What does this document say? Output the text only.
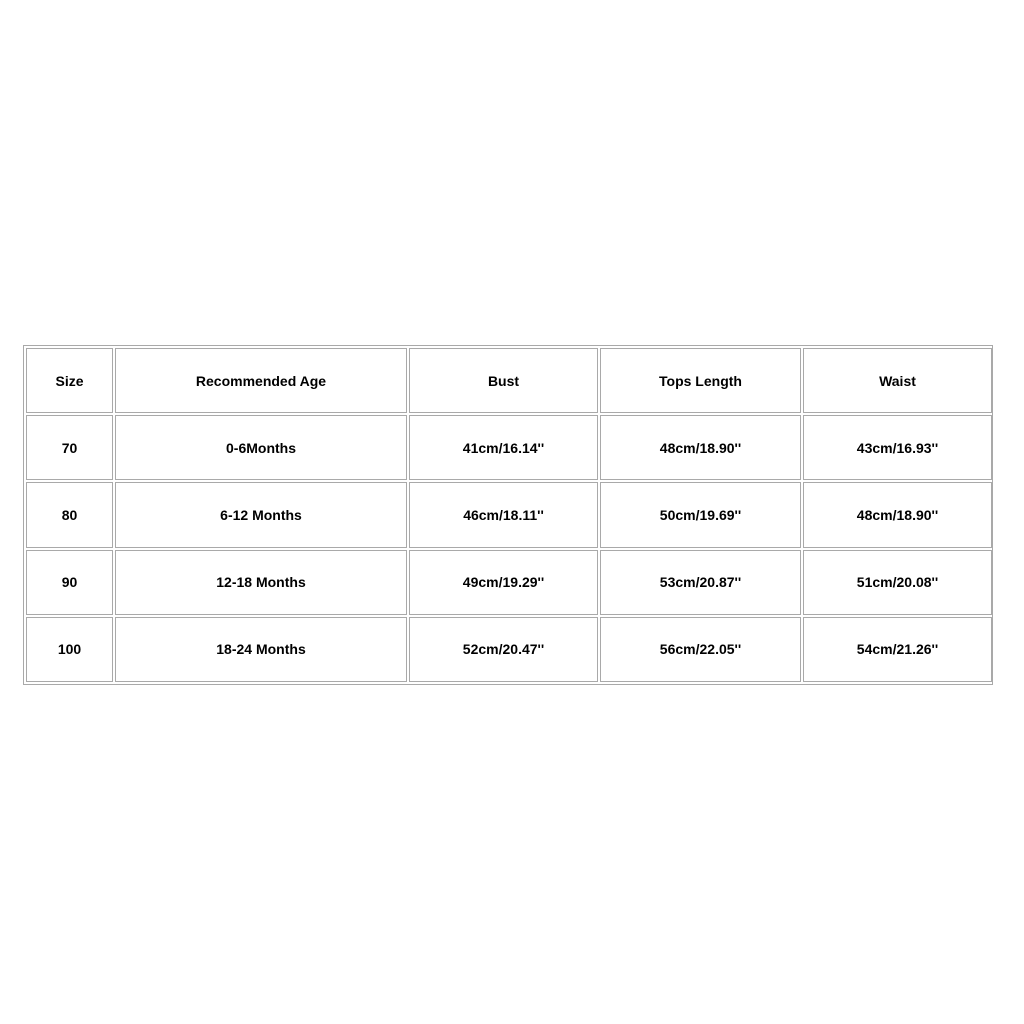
Size	Recommended Age	Bust	Tops Length	Waist
70	0-6Months	41cm/16.14''	48cm/18.90''	43cm/16.93''
80	6-12 Months	46cm/18.11''	50cm/19.69''	48cm/18.90''
90	12-18 Months	49cm/19.29''	53cm/20.87''	51cm/20.08''
100	18-24 Months	52cm/20.47''	56cm/22.05''	54cm/21.26''
